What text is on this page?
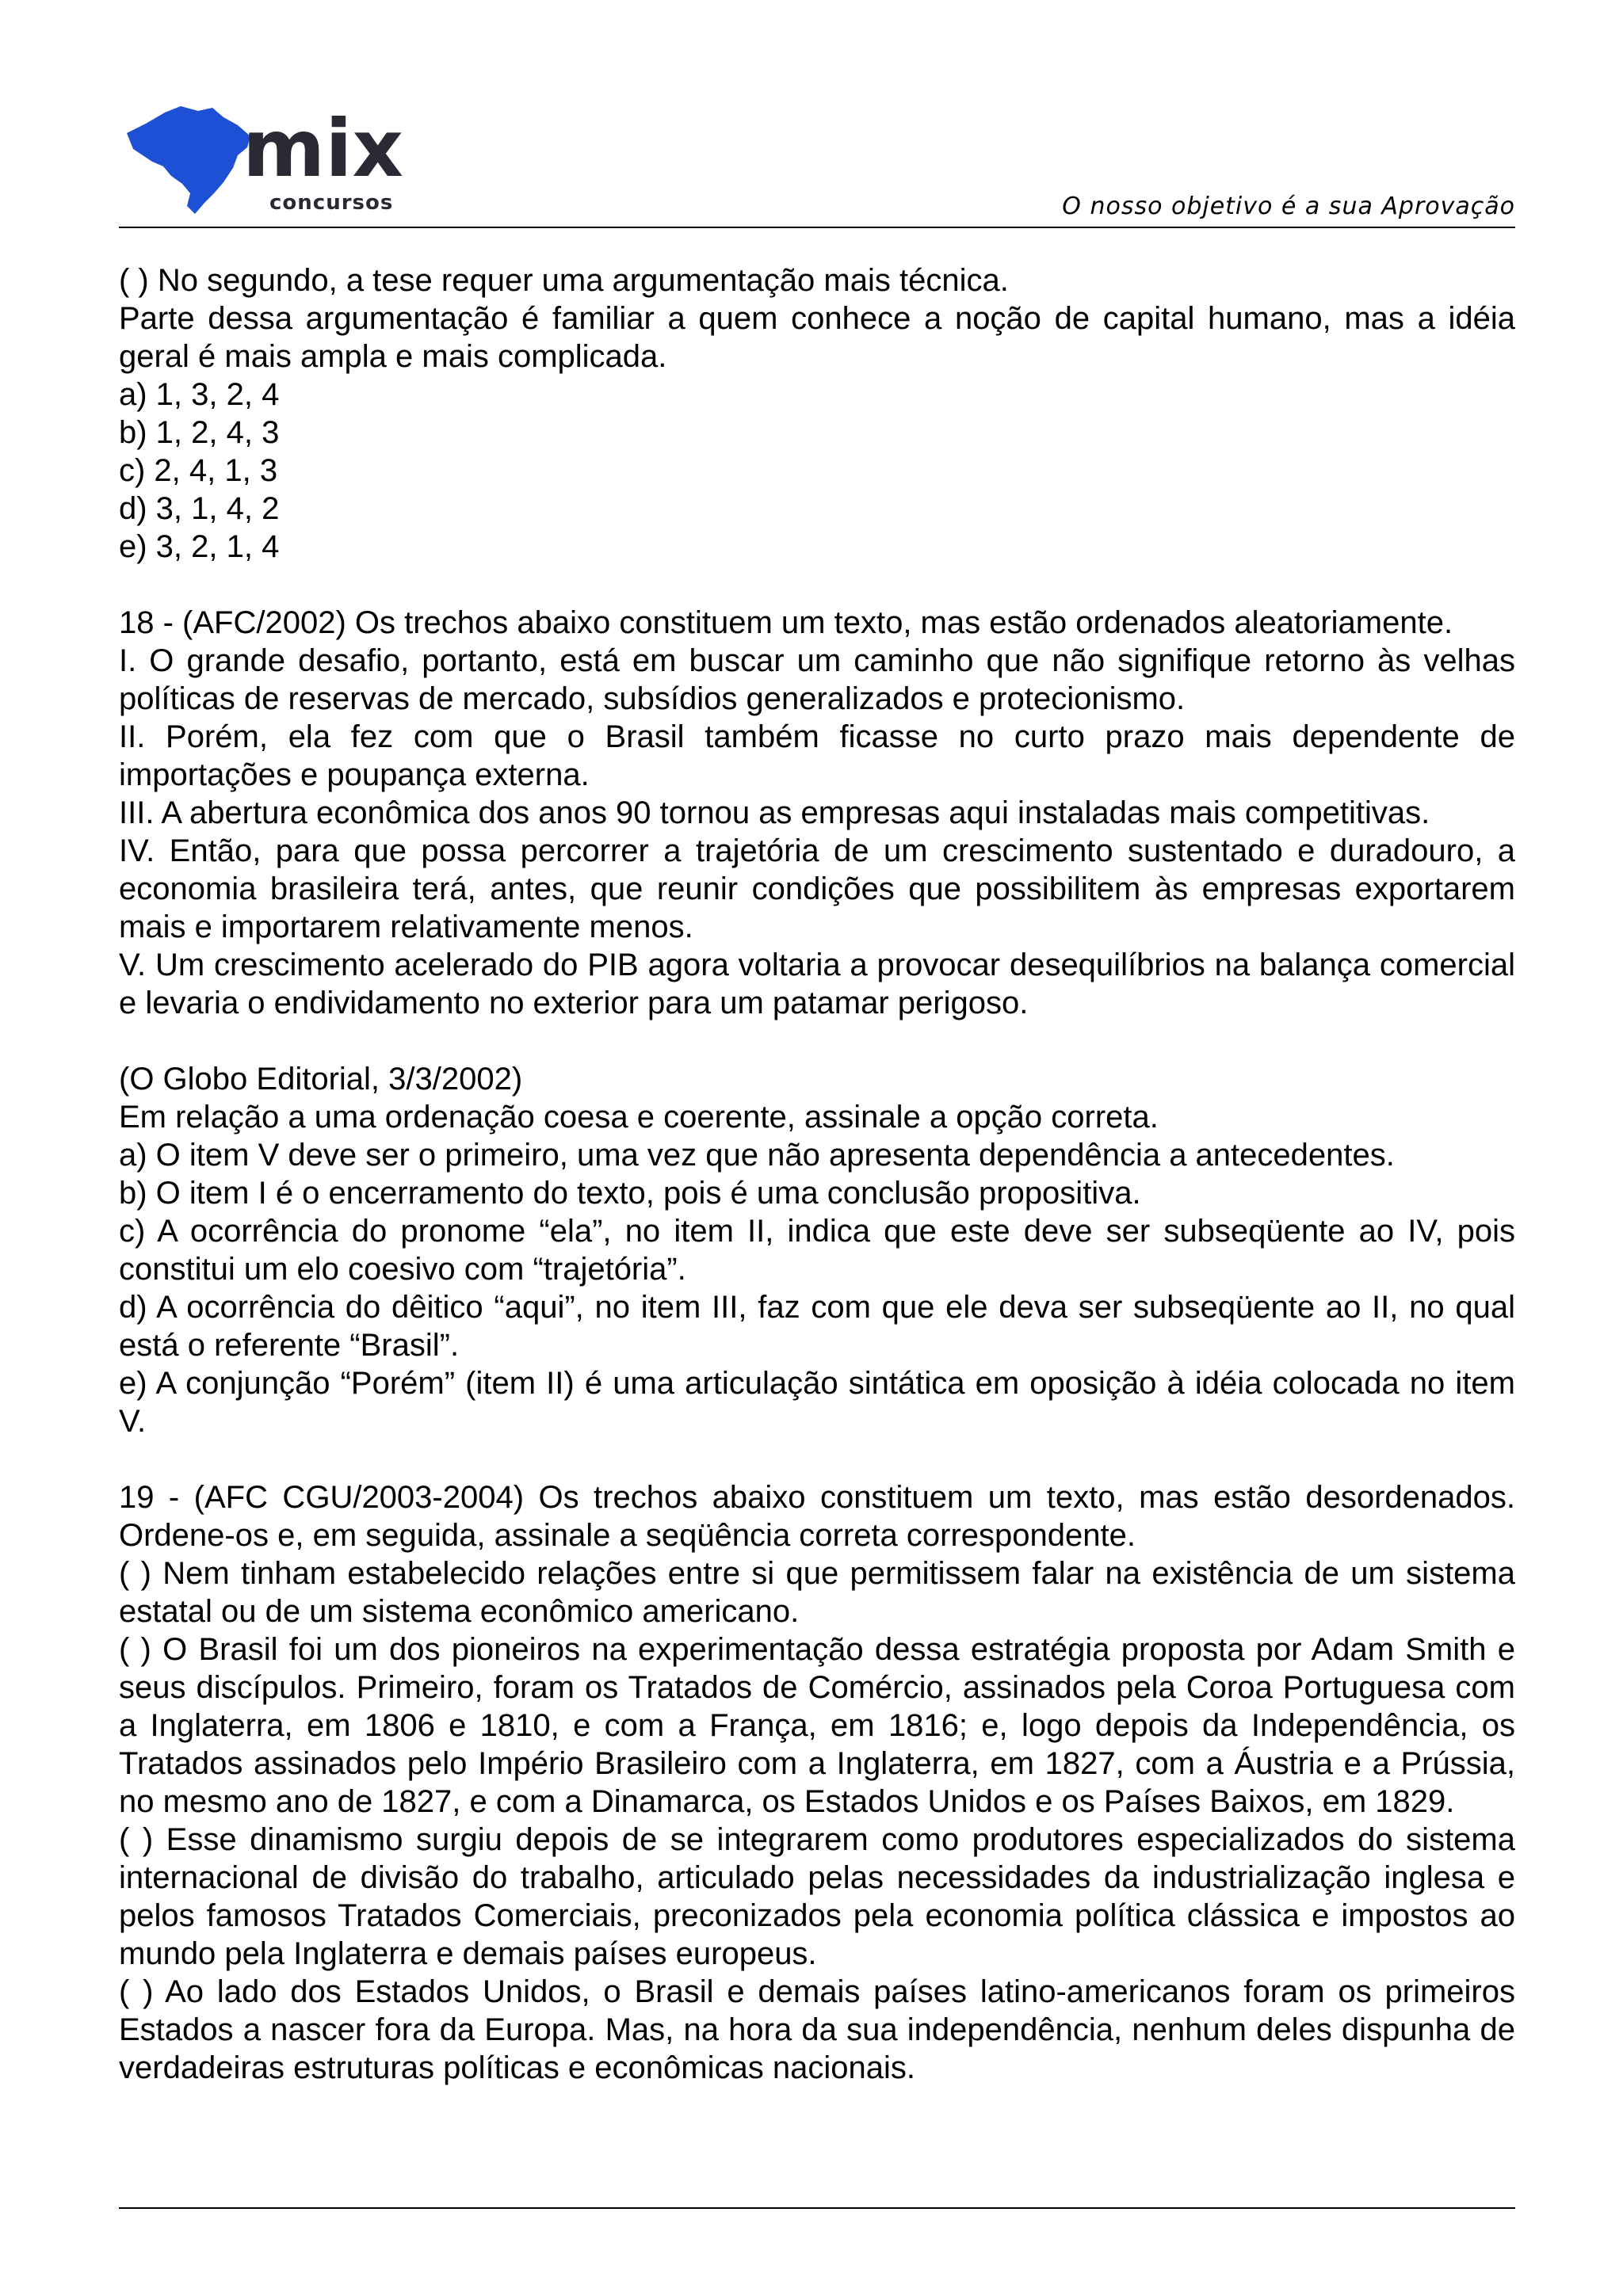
mix
concursos	O nosso objetivo é a sua Aprovação

( ) No segundo, a tese requer uma argumentação mais técnica.

Parte dessa argumentação é familiar a quem conhece a noção de capital humano, mas a idéia geral é mais ampla e mais complicada.

a) 1, 3, 2, 4

b) 1, 2, 4, 3

c) 2, 4, 1, 3

d) 3, 1, 4, 2

e) 3, 2, 1, 4

18 - (AFC/2002) Os trechos abaixo constituem um texto, mas estão ordenados aleatoriamente.

I. O grande desafio, portanto, está em buscar um caminho que não signifique retorno às velhas políticas de reservas de mercado, subsídios generalizados e protecionismo.

II. Porém, ela fez com que o Brasil também ficasse no curto prazo mais dependente de importações e poupança externa.

III. A abertura econômica dos anos 90 tornou as empresas aqui instaladas mais competitivas.

IV. Então, para que possa percorrer a trajetória de um crescimento sustentado e duradouro, a economia brasileira terá, antes, que reunir condições que possibilitem às empresas exportarem mais e importarem relativamente menos.

V. Um crescimento acelerado do PIB agora voltaria a provocar desequilíbrios na balança comercial e levaria o endividamento no exterior para um patamar perigoso.

(O Globo Editorial, 3/3/2002)

Em relação a uma ordenação coesa e coerente, assinale a opção correta.

a) O item V deve ser o primeiro, uma vez que não apresenta dependência a antecedentes.

b) O item I é o encerramento do texto, pois é uma conclusão propositiva.

c) A ocorrência do pronome “ela”, no item II, indica que este deve ser subseqüente ao IV, pois constitui um elo coesivo com “trajetória”.

d) A ocorrência do dêitico “aqui”, no item III, faz com que ele deva ser subseqüente ao II, no qual está o referente “Brasil”.

e) A conjunção “Porém” (item II) é uma articulação sintática em oposição à idéia colocada no item V.

19 - (AFC CGU/2003-2004) Os trechos abaixo constituem um texto, mas estão desordenados. Ordene-os e, em seguida, assinale a seqüência correta correspondente.

( ) Nem tinham estabelecido relações entre si que permitissem falar na existência de um sistema estatal ou de um sistema econômico americano.

( ) O Brasil foi um dos pioneiros na experimentação dessa estratégia proposta por Adam Smith e seus discípulos. Primeiro, foram os Tratados de Comércio, assinados pela Coroa Portuguesa com a Inglaterra, em 1806 e 1810, e com a França, em 1816; e, logo depois da Independência, os Tratados assinados pelo Império Brasileiro com a Inglaterra, em 1827, com a Áustria e a Prússia, no mesmo ano de 1827, e com a Dinamarca, os Estados Unidos e os Países Baixos, em 1829.

( ) Esse dinamismo surgiu depois de se integrarem como produtores especializados do sistema internacional de divisão do trabalho, articulado pelas necessidades da industrialização inglesa e pelos famosos Tratados Comerciais, preconizados pela economia política clássica e impostos ao mundo pela Inglaterra e demais países europeus.

( ) Ao lado dos Estados Unidos, o Brasil e demais países latino-americanos foram os primeiros Estados a nascer fora da Europa. Mas, na hora da sua independência, nenhum deles dispunha de verdadeiras estruturas políticas e econômicas nacionais.
